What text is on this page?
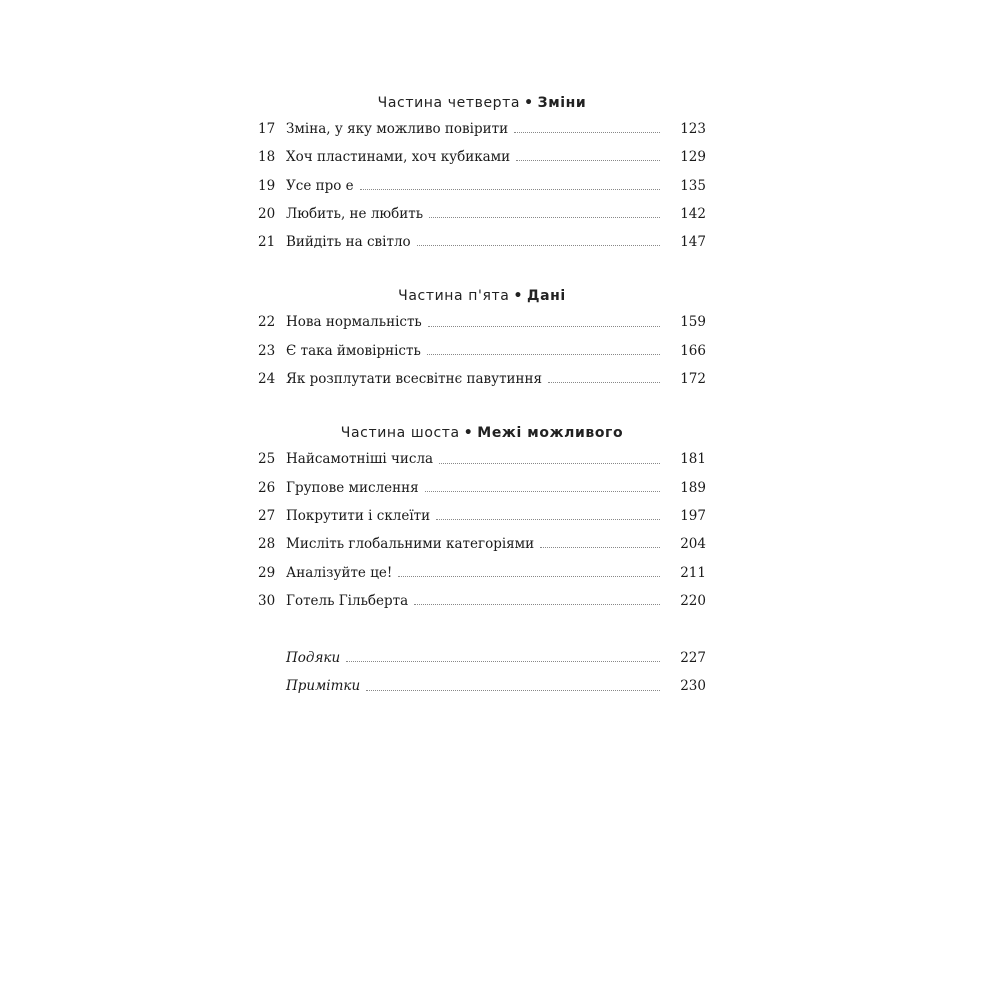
Частина четверта • Зміни
17 Зміна, у яку можливо повірити	123
18 Хоч пластинами, хоч кубиками	129
19 Усе про e	135
20 Любить, не любить	142
21 Вийдіть на світло	147
Частина п'ята • Дані
22 Нова нормальність	159
23 Є така ймовірність	166
24 Як розплутати всесвітнє павутиння	172
Частина шоста • Межі можливого
25 Найсамотніші числа	181
26 Групове мислення	189
27 Покрутити і склеїти	197
28 Мисліть глобальними категоріями	204
29 Аналізуйте це!	211
30 Готель Гільберта	220
Подяки	227
Примітки	230
